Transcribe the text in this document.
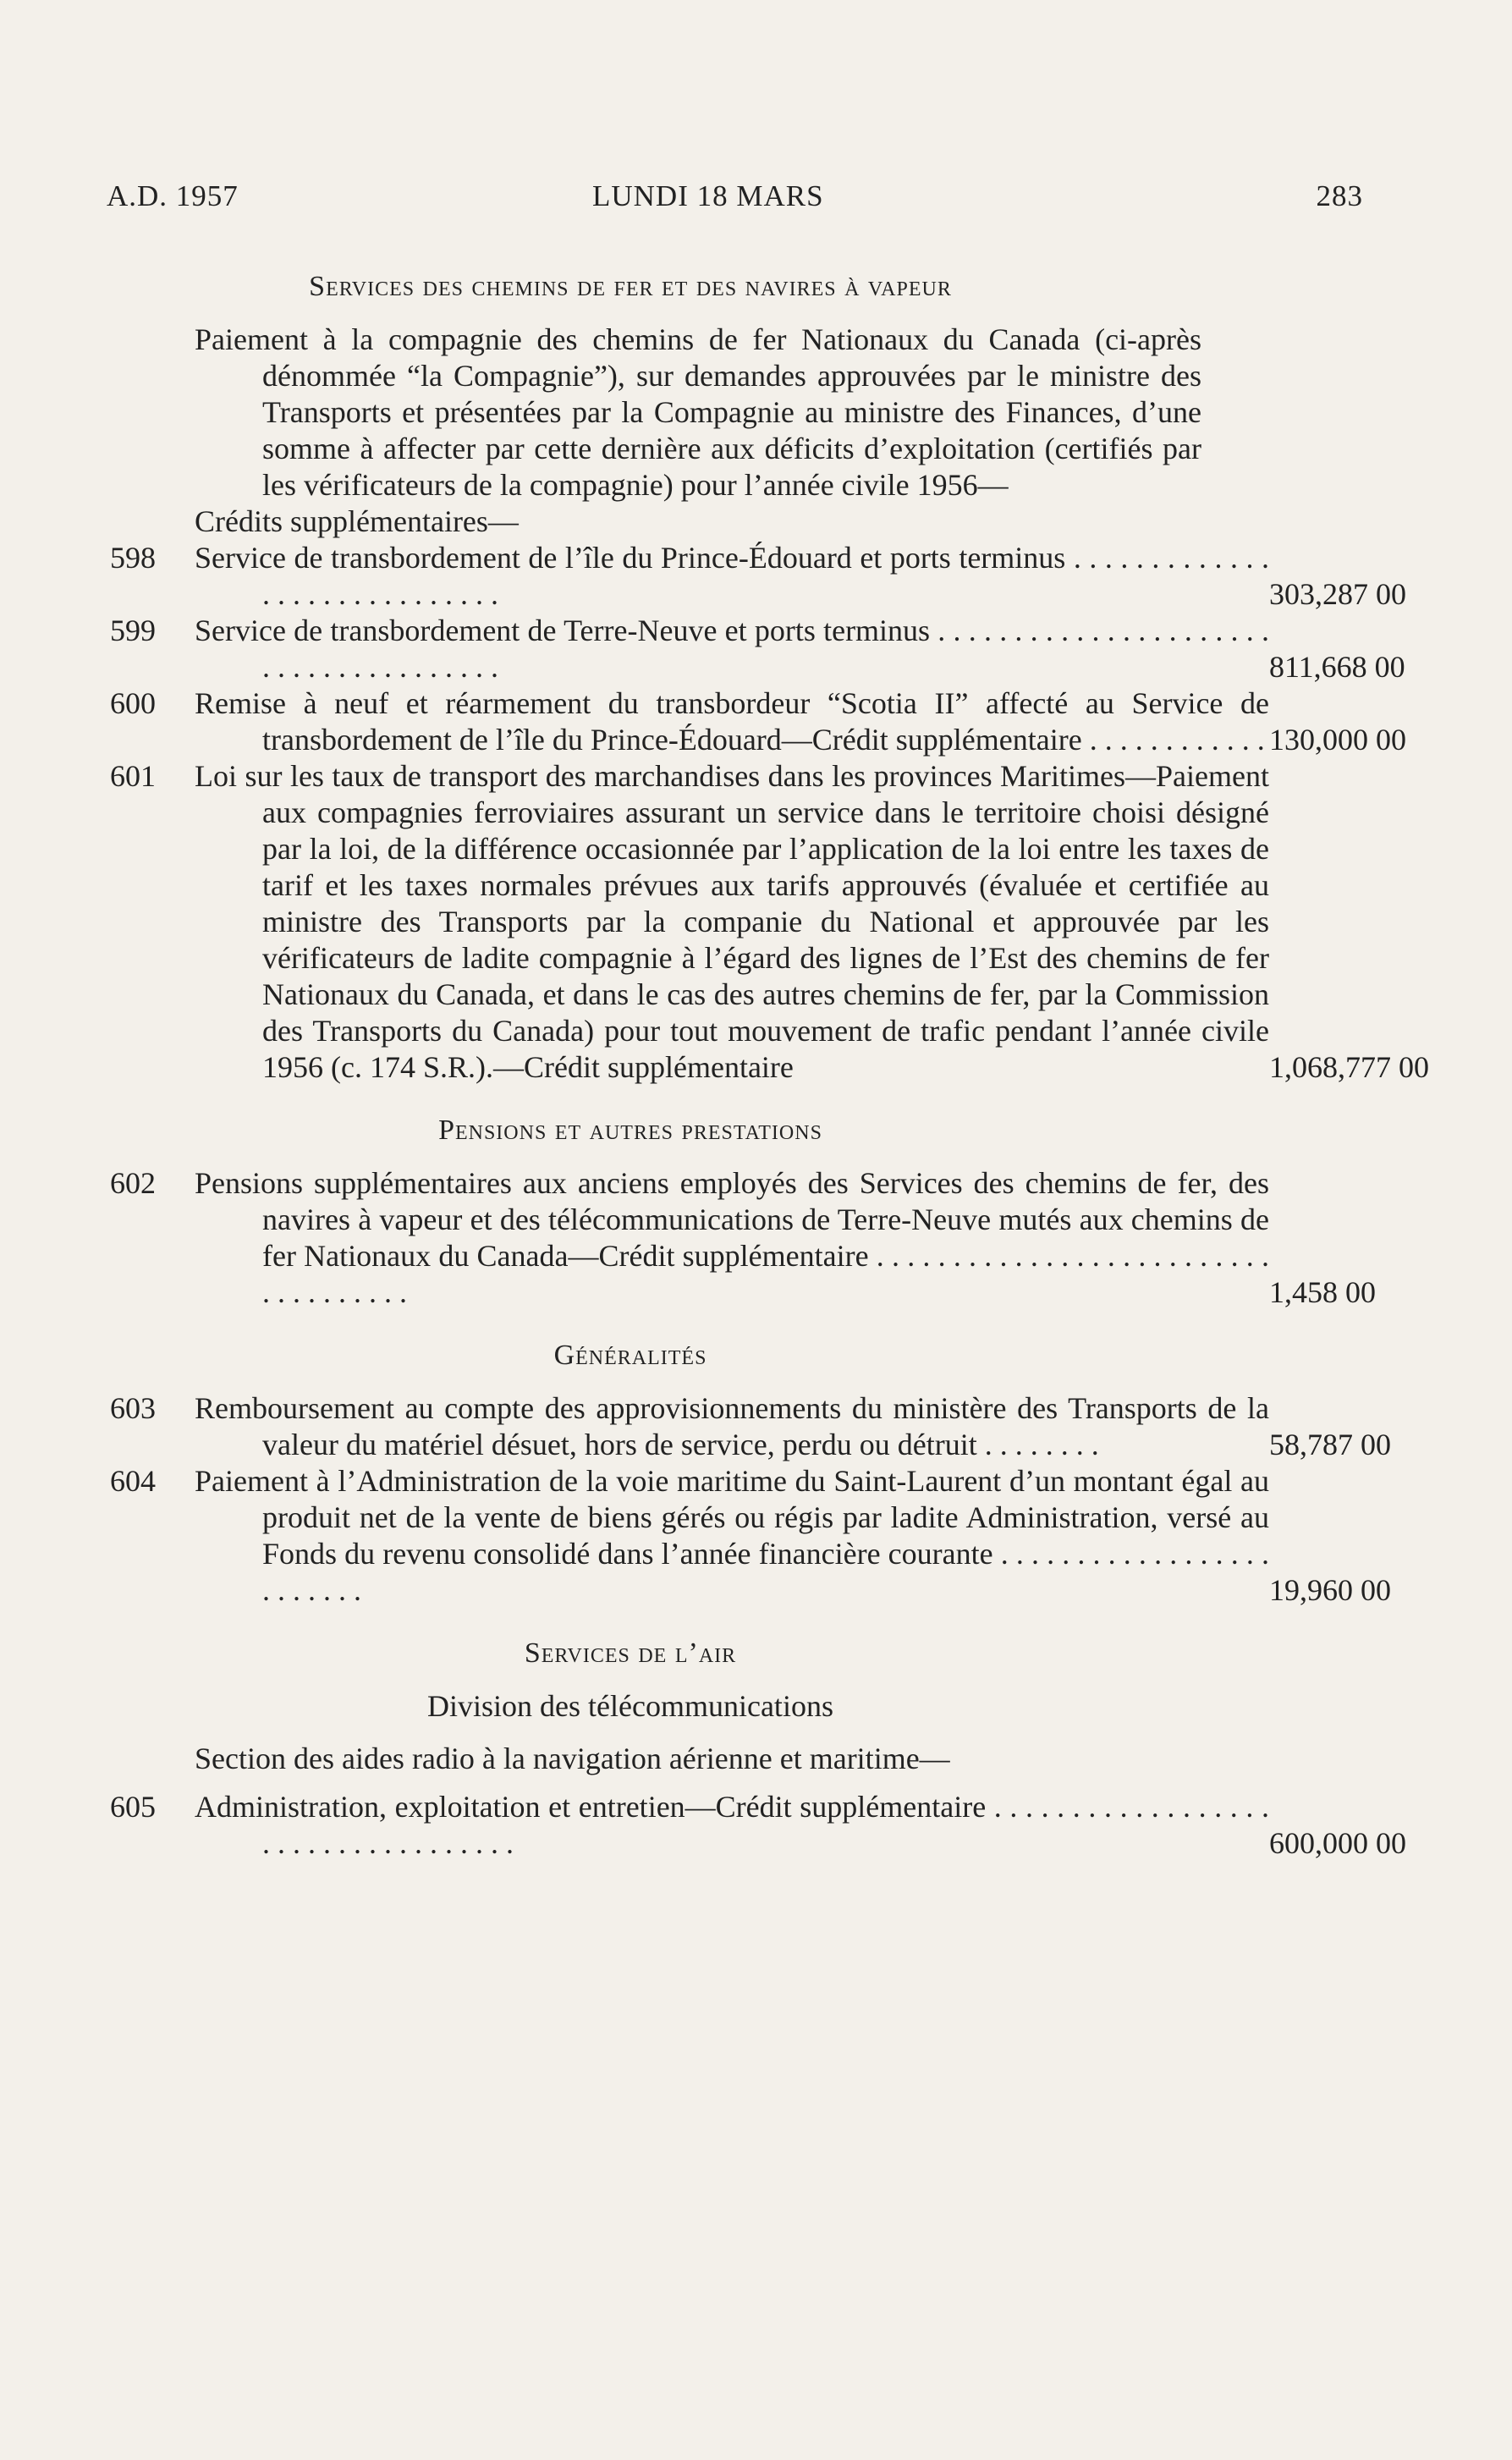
A.D. 1957	LUNDI 18 MARS	283
Services des chemins de fer et des navires à vapeur
Paiement à la compagnie des chemins de fer Nationaux du Canada (ci-après dénommée “la Compagnie”), sur demandes approuvées par le ministre des Transports et présentées par la Compagnie au ministre des Finances, d’une somme à affecter par cette dernière aux déficits d’exploitation (certifiés par les vérificateurs de la compagnie) pour l’année civile 1956—
Crédits supplémentaires—
598	Service de transbordement de l’île du Prince-Édouard et ports terminus . . . . . . . . . . . . . . . . . . . . . . . . . . . . .	303,287 00
599	Service de transbordement de Terre-Neuve et ports terminus . . . . . . . . . . . . . . . . . . . . . . . . . . . . . . . . . . . . . .	811,668 00
600	Remise à neuf et réarmement du transbordeur “Scotia II” affecté au Service de transbordement de l’île du Prince-Édouard—Crédit supplémentaire . . . . . . . . . . . . 130,000 00
601	Loi sur les taux de transport des marchandises dans les provinces Maritimes—Paiement aux compagnies ferroviaires assurant un service dans le territoire choisi désigné par la loi, de la différence occasionnée par l’application de la loi entre les taxes de tarif et les taxes normales prévues aux tarifs approuvés (évaluée et certifiée au ministre des Transports par la companie du National et approuvée par les vérificateurs de ladite compagnie à l’égard des lignes de l’Est des chemins de fer Nationaux du Canada, et dans le cas des autres chemins de fer, par la Commission des Transports du Canada) pour tout mouvement de trafic pendant l’année civile 1956 (c. 174 S.R.).—Crédit supplémentaire	1,068,777 00
Pensions et autres prestations
602	Pensions supplémentaires aux anciens employés des Services des chemins de fer, des navires à vapeur et des télécommunications de Terre-Neuve mutés aux chemins de fer Nationaux du Canada—Crédit supplémentaire . . . . . . . . . . . . . . . . . . . . . . . . . . . . . . . . . . . .	1,458 00
Généralités
603	Remboursement au compte des approvisionnements du ministère des Transports de la valeur du matériel désuet, hors de service, perdu ou détruit . . . . . . . .	58,787 00
604	Paiement à l’Administration de la voie maritime du Saint-Laurent d’un montant égal au produit net de la vente de biens gérés ou régis par ladite Administration, versé au Fonds du revenu consolidé dans l’année financière courante . . . . . . . . . . . . . . . . . . . . . . . . .	19,960 00
Services de l’air
Division des télécommunications
Section des aides radio à la navigation aérienne et maritime—
605	Administration, exploitation et entretien—Crédit supplémentaire . . . . . . . . . . . . . . . . . . . . . . . . . . . . . . . . . . .	600,000 00
